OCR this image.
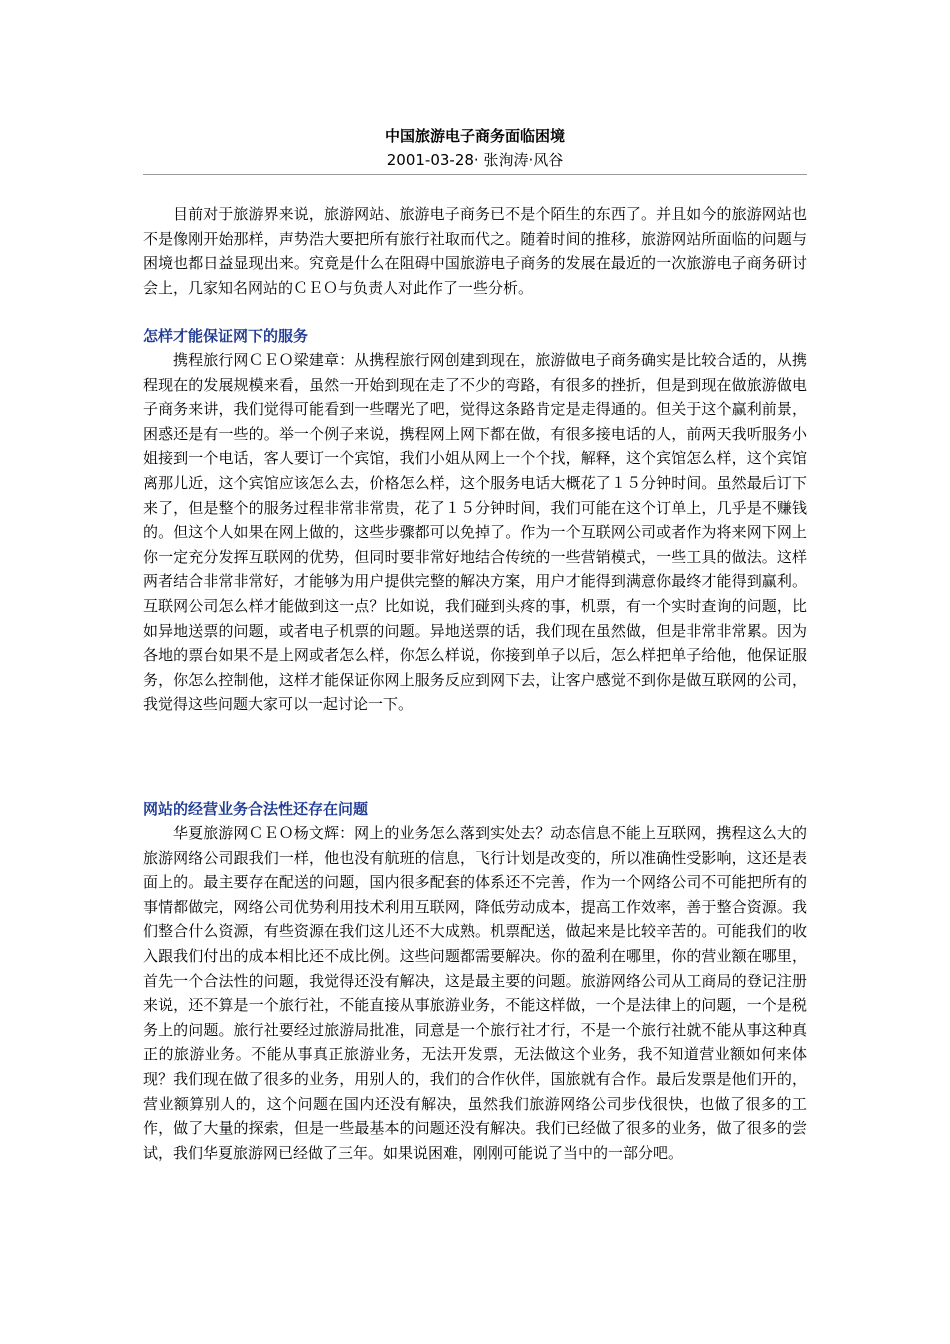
中国旅游电子商务面临困境

2001-03-28· 张洵涛·风谷

目前对于旅游界来说，旅游网站、旅游电子商务已不是个陌生的东西了。并且如今的旅游网站也不是像刚开始那样，声势浩大要把所有旅行社取而代之。随着时间的推移，旅游网站所面临的问题与困境也都日益显现出来。究竟是什么在阻碍中国旅游电子商务的发展在最近的一次旅游电子商务研讨会上，几家知名网站的ＣＥＯ与负责人对此作了一些分析。

怎样才能保证网下的服务

携程旅行网ＣＥＯ梁建章：从携程旅行网创建到现在，旅游做电子商务确实是比较合适的，从携程现在的发展规模来看，虽然一开始到现在走了不少的弯路，有很多的挫折，但是到现在做旅游做电子商务来讲，我们觉得可能看到一些曙光了吧，觉得这条路肯定是走得通的。但关于这个赢利前景，困惑还是有一些的。举一个例子来说，携程网上网下都在做，有很多接电话的人，前两天我听服务小姐接到一个电话，客人要订一个宾馆，我们小姐从网上一个个找，解释，这个宾馆怎么样，这个宾馆离那儿近，这个宾馆应该怎么去，价格怎么样，这个服务电话大概花了１５分钟时间。虽然最后订下来了，但是整个的服务过程非常非常贵，花了１５分钟时间，我们可能在这个订单上，几乎是不赚钱的。但这个人如果在网上做的，这些步骤都可以免掉了。作为一个互联网公司或者作为将来网下网上你一定充分发挥互联网的优势，但同时要非常好地结合传统的一些营销模式，一些工具的做法。这样两者结合非常非常好，才能够为用户提供完整的解决方案，用户才能得到满意你最终才能得到赢利。互联网公司怎么样才能做到这一点？比如说，我们碰到头疼的事，机票，有一个实时查询的问题，比如异地送票的问题，或者电子机票的问题。异地送票的话，我们现在虽然做，但是非常非常累。因为各地的票台如果不是上网或者怎么样，你怎么样说，你接到单子以后，怎么样把单子给他，他保证服务，你怎么控制他，这样才能保证你网上服务反应到网下去，让客户感觉不到你是做互联网的公司，我觉得这些问题大家可以一起讨论一下。

网站的经营业务合法性还存在问题

华夏旅游网ＣＥＯ杨文辉：网上的业务怎么落到实处去？动态信息不能上互联网，携程这么大的旅游网络公司跟我们一样，他也没有航班的信息，飞行计划是改变的，所以准确性受影响，这还是表面上的。最主要存在配送的问题，国内很多配套的体系还不完善，作为一个网络公司不可能把所有的事情都做完，网络公司优势利用技术利用互联网，降低劳动成本，提高工作效率，善于整合资源。我们整合什么资源，有些资源在我们这儿还不大成熟。机票配送，做起来是比较辛苦的。可能我们的收入跟我们付出的成本相比还不成比例。这些问题都需要解决。你的盈利在哪里，你的营业额在哪里，首先一个合法性的问题，我觉得还没有解决，这是最主要的问题。旅游网络公司从工商局的登记注册来说，还不算是一个旅行社，不能直接从事旅游业务，不能这样做，一个是法律上的问题，一个是税务上的问题。旅行社要经过旅游局批准，同意是一个旅行社才行，不是一个旅行社就不能从事这种真正的旅游业务。不能从事真正旅游业务，无法开发票，无法做这个业务，我不知道营业额如何来体现？我们现在做了很多的业务，用别人的，我们的合作伙伴，国旅就有合作。最后发票是他们开的，营业额算别人的，这个问题在国内还没有解决，虽然我们旅游网络公司步伐很快，也做了很多的工作，做了大量的探索，但是一些最基本的问题还没有解决。我们已经做了很多的业务，做了很多的尝试，我们华夏旅游网已经做了三年。如果说困难，刚刚可能说了当中的一部分吧。
